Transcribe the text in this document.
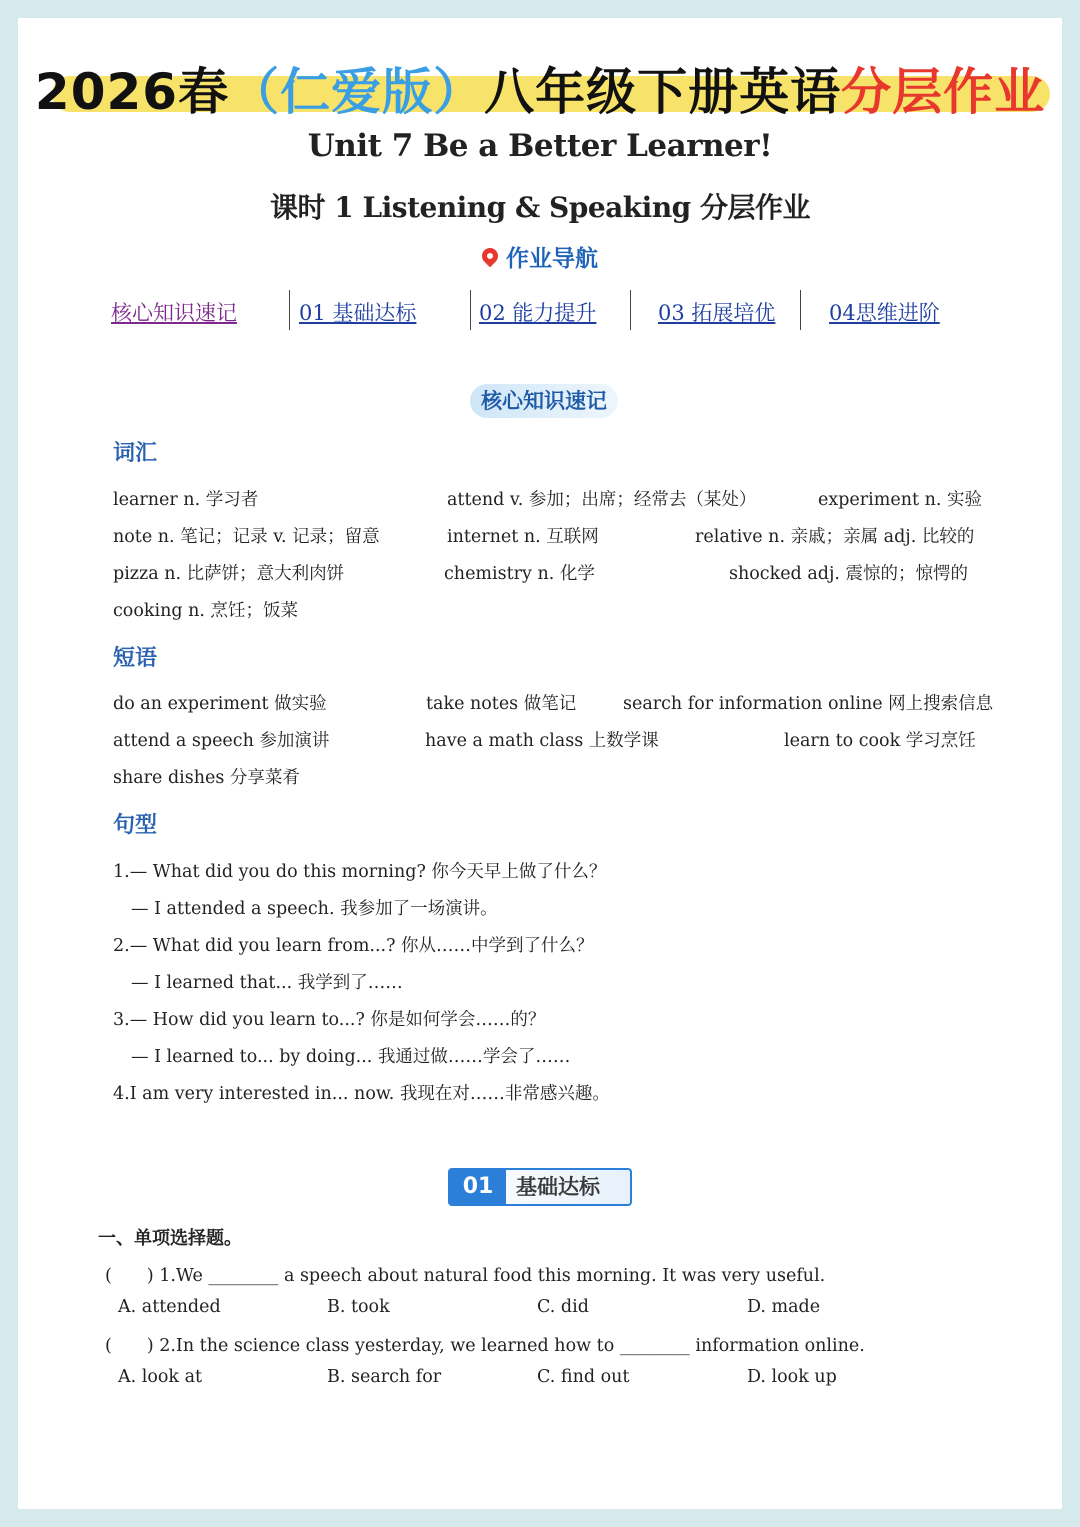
2026春（仁爱版）八年级下册英语分层作业
Unit 7 Be a Better Learner!
课时 1 Listening & Speaking 分层作业
作业导航
核心知识速记	01 基础达标	02 能力提升	03 拓展培优	04思维进阶
核心知识速记
词汇
learner n. 学习者	attend v. 参加；出席；经常去（某处）	experiment n. 实验
note n. 笔记；记录 v. 记录；留意	internet n. 互联网	relative n. 亲戚；亲属 adj. 比较的
pizza n. 比萨饼；意大利肉饼	chemistry n. 化学	shocked adj. 震惊的；惊愕的
cooking n. 烹饪；饭菜
短语
do an experiment 做实验	take notes 做笔记	search for information online 网上搜索信息
attend a speech 参加演讲	have a math class 上数学课	learn to cook 学习烹饪
share dishes 分享菜肴
句型
1.— What did you do this morning? 你今天早上做了什么？
— I attended a speech. 我参加了一场演讲。
2.— What did you learn from...? 你从……中学到了什么？
— I learned that... 我学到了……
3.— How did you learn to...? 你是如何学会……的？
— I learned to... by doing... 我通过做……学会了……
4.I am very interested in... now. 我现在对……非常感兴趣。
01	基础达标
一、单项选择题。
(　　) 1.We ________ a speech about natural food this morning. It was very useful.
A. attended	B. took	C. did	D. made
(　　) 2.In the science class yesterday, we learned how to ________ information online.
A. look at	B. search for	C. find out	D. look up
